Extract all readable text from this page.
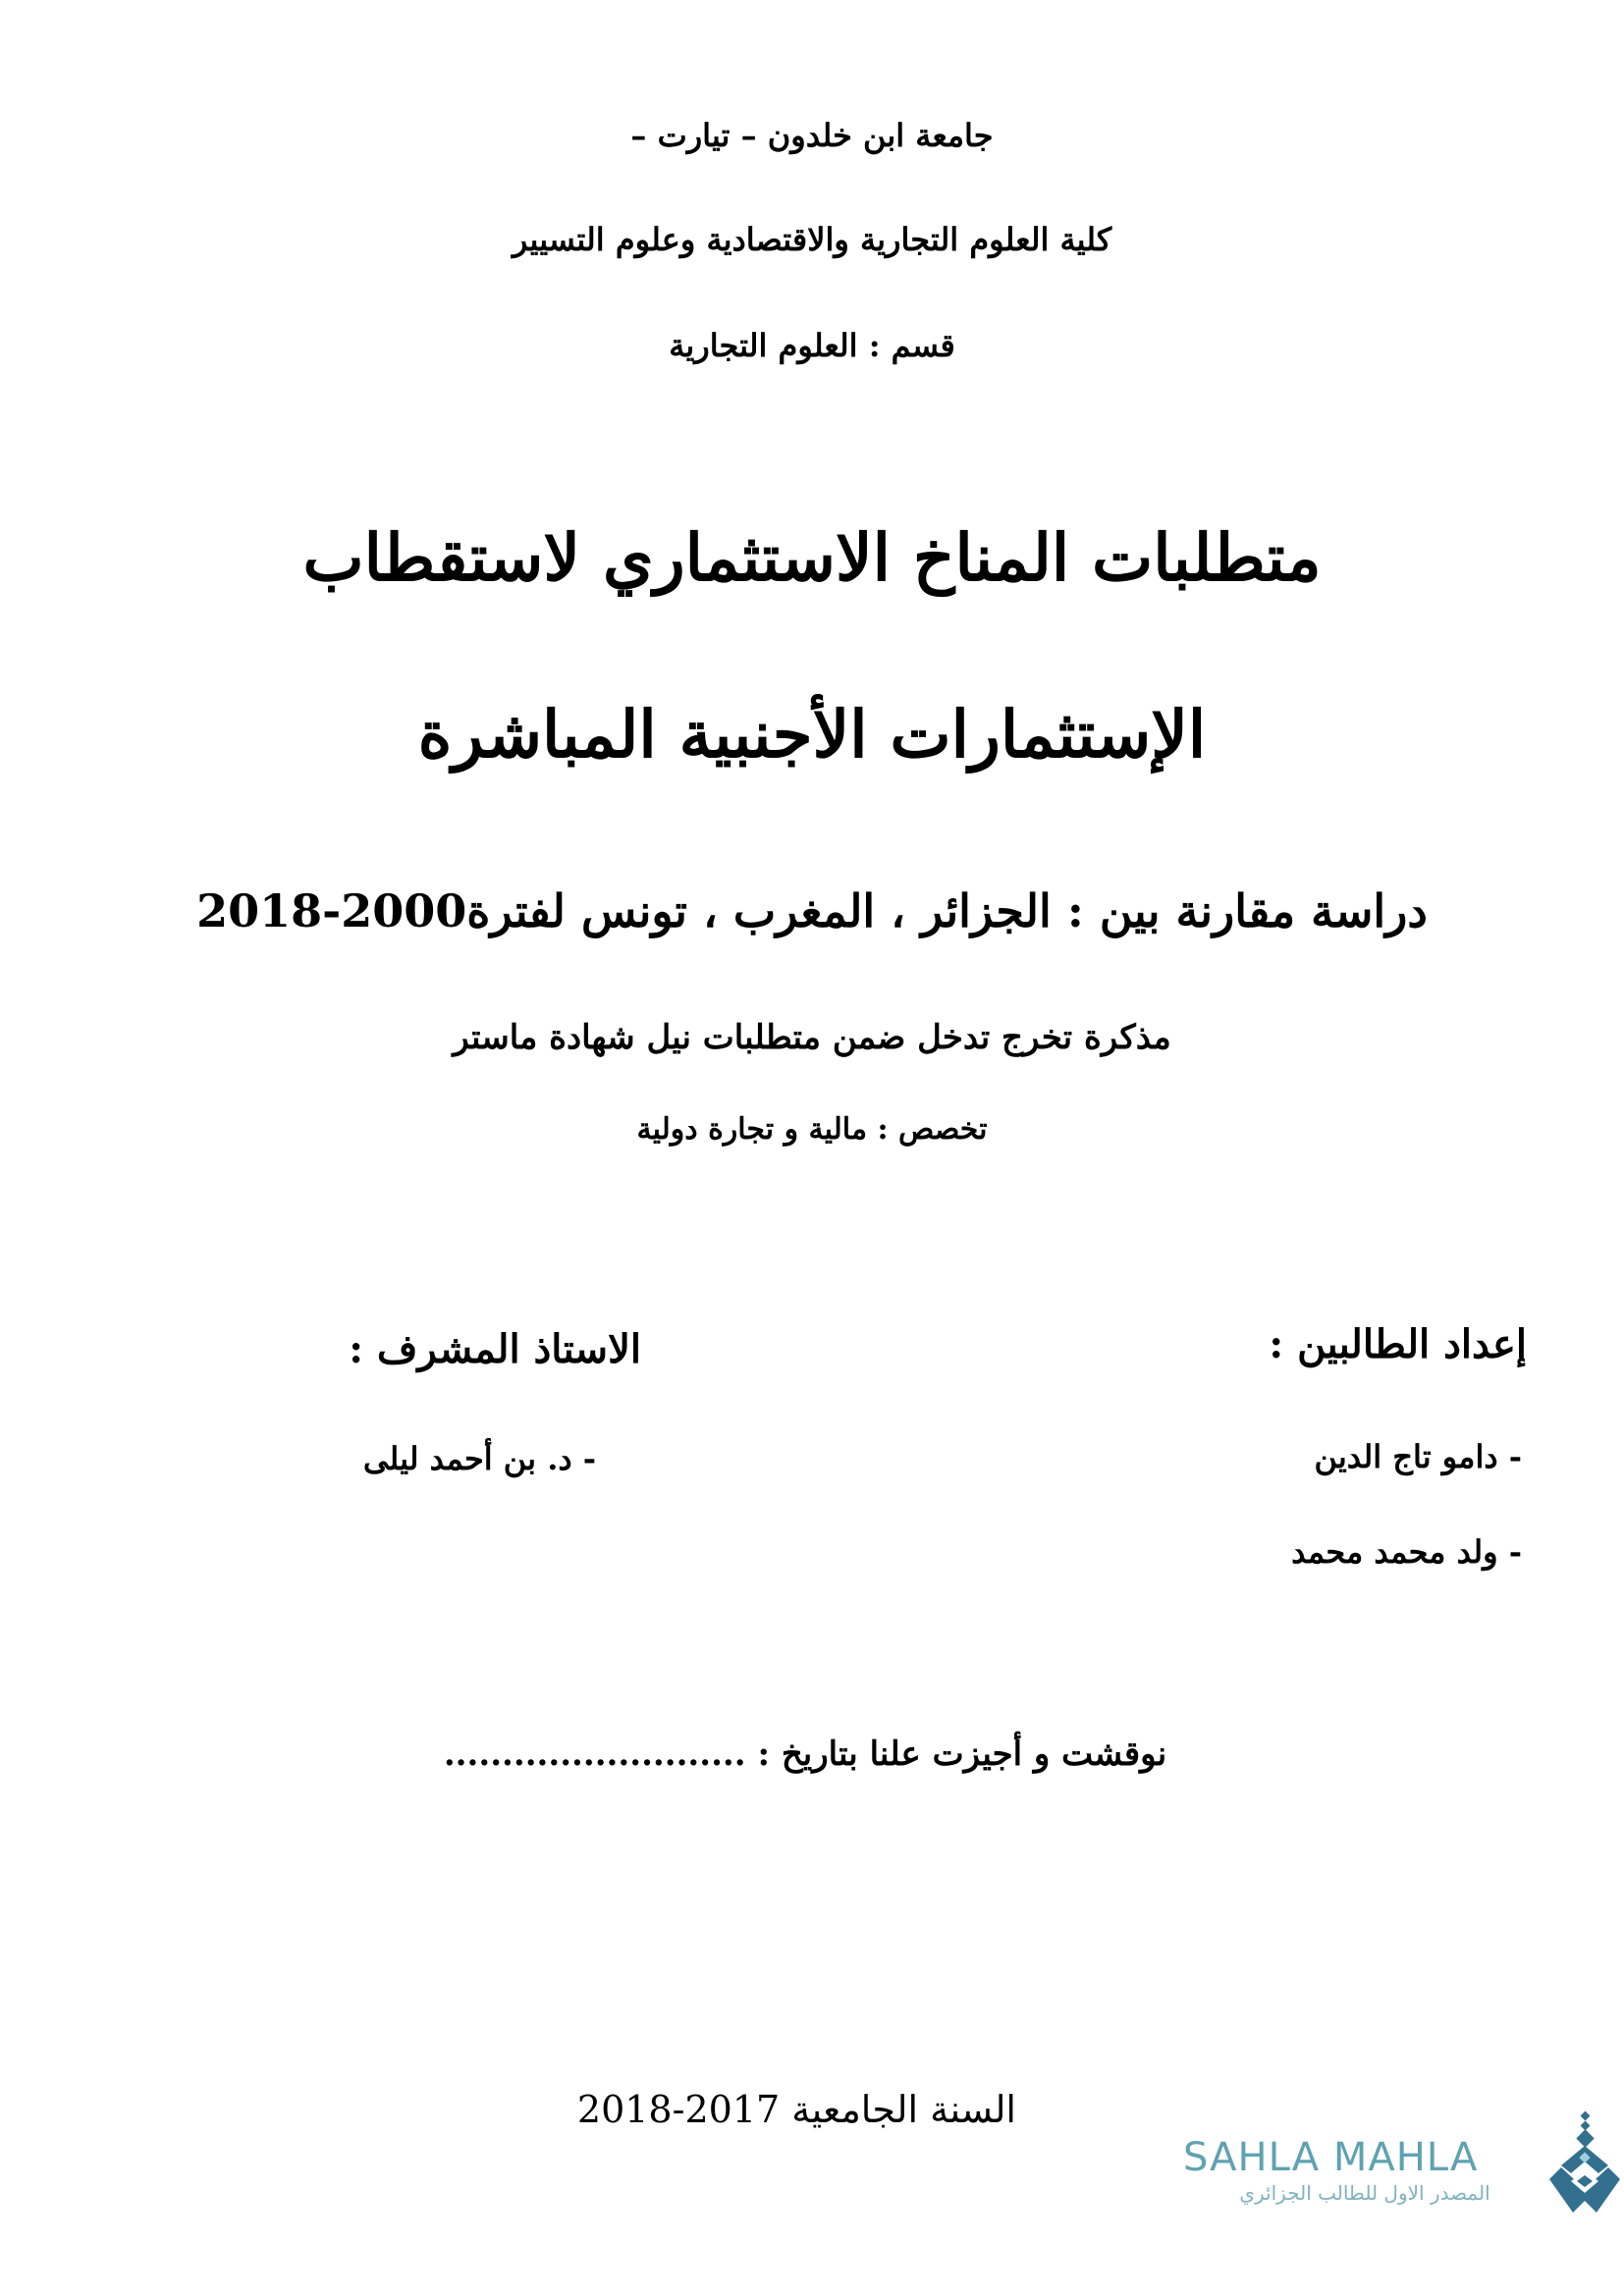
جامعة ابن خلدون – تيارت –
كلية العلوم التجارية والاقتصادية وعلوم التسيير
قسم : العلوم التجارية
متطلبات المناخ الاستثماري لاستقطاب
الإستثمارات الأجنبية المباشرة
دراسة مقارنة بين : الجزائر ، المغرب ، تونس لفترة2000-2018
مذكرة تخرج تدخل ضمن متطلبات نيل شهادة ماستر
تخصص : مالية و تجارة دولية
إعداد الطالبين :
الاستاذ المشرف :
- دامو تاج الدين
- ولد محمد محمد
- د. بن أحمد ليلى
نوقشت و أجيزت علنا بتاريخ : ..........................
السنة الجامعية 2017-2018
SAHLA MAHLA
المصدر الاول للطالب الجزائري
